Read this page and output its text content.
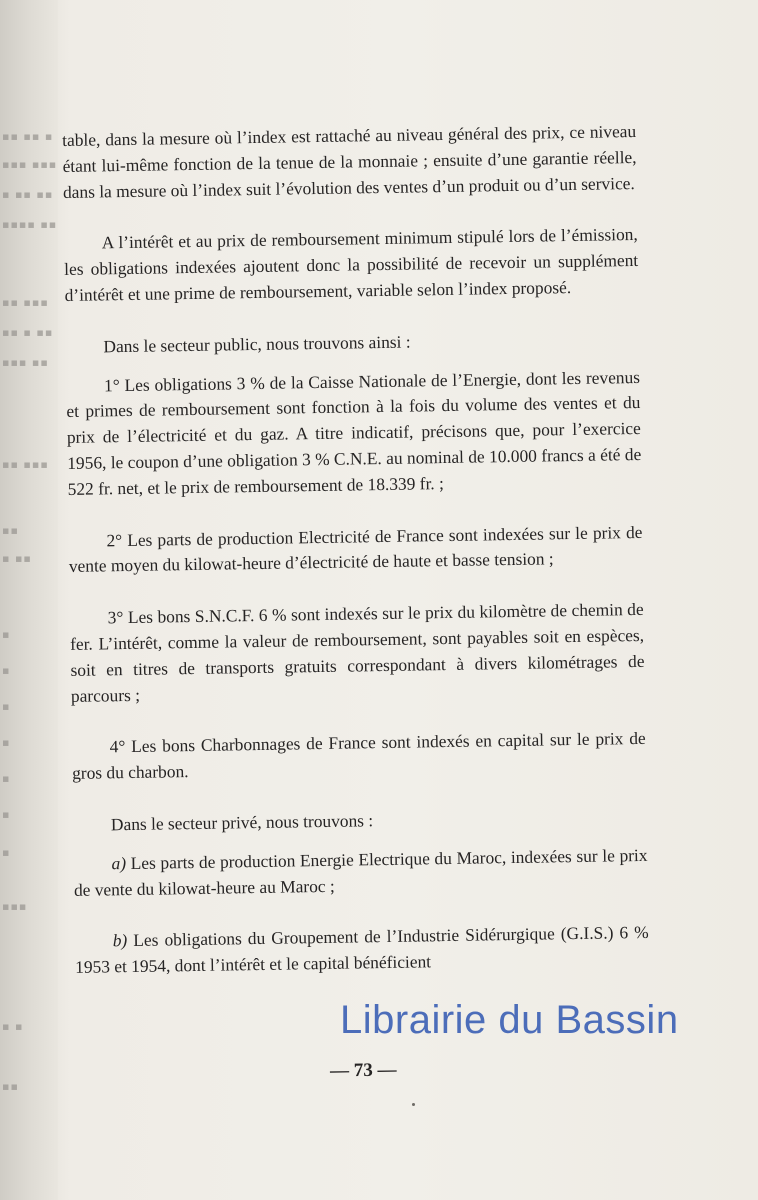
▪▪ ▪▪ ▪
▪▪▪ ▪▪▪
▪ ▪▪ ▪▪
▪▪▪▪ ▪▪
▪▪ ▪▪▪
▪▪ ▪ ▪▪
▪▪▪ ▪▪
▪▪ ▪▪▪
▪▪
▪ ▪▪
▪
▪
▪
▪
▪
▪
▪
▪▪▪
▪ ▪
▪▪

table, dans la mesure où l’index est rattaché au niveau général des prix, ce niveau étant lui-même fonction de la tenue de la monnaie ; ensuite d’une garantie réelle, dans la mesure où l’index suit l’évolution des ventes d’un produit ou d’un service.

A l’intérêt et au prix de remboursement minimum stipulé lors de l’émission, les obligations indexées ajoutent donc la possibilité de recevoir un supplément d’intérêt et une prime de remboursement, variable selon l’index proposé.

Dans le secteur public, nous trouvons ainsi :

1° Les obligations 3 % de la Caisse Nationale de l’Energie, dont les revenus et primes de remboursement sont fonction à la fois du volume des ventes et du prix de l’électricité et du gaz. A titre indicatif, précisons que, pour l’exercice 1956, le coupon d’une obligation 3 % C.N.E. au nominal de 10.000 francs a été de 522 fr. net, et le prix de remboursement de 18.339 fr. ;

2° Les parts de production Electricité de France sont indexées sur le prix de vente moyen du kilowat-heure d’électricité de haute et basse tension ;

3° Les bons S.N.C.F. 6 % sont indexés sur le prix du kilomètre de chemin de fer. L’intérêt, comme la valeur de remboursement, sont payables soit en espèces, soit en titres de transports gratuits correspondant à divers kilométrages de parcours ;

4° Les bons Charbonnages de France sont indexés en capital sur le prix de gros du charbon.

Dans le secteur privé, nous trouvons :

a) Les parts de production Energie Electrique du Maroc, indexées sur le prix de vente du kilowat-heure au Maroc ;

b) Les obligations du Groupement de l’Industrie Sidérurgique (G.I.S.) 6 % 1953 et 1954, dont l’intérêt et le capital bénéficient

— 73 —
Librairie du Bassin
